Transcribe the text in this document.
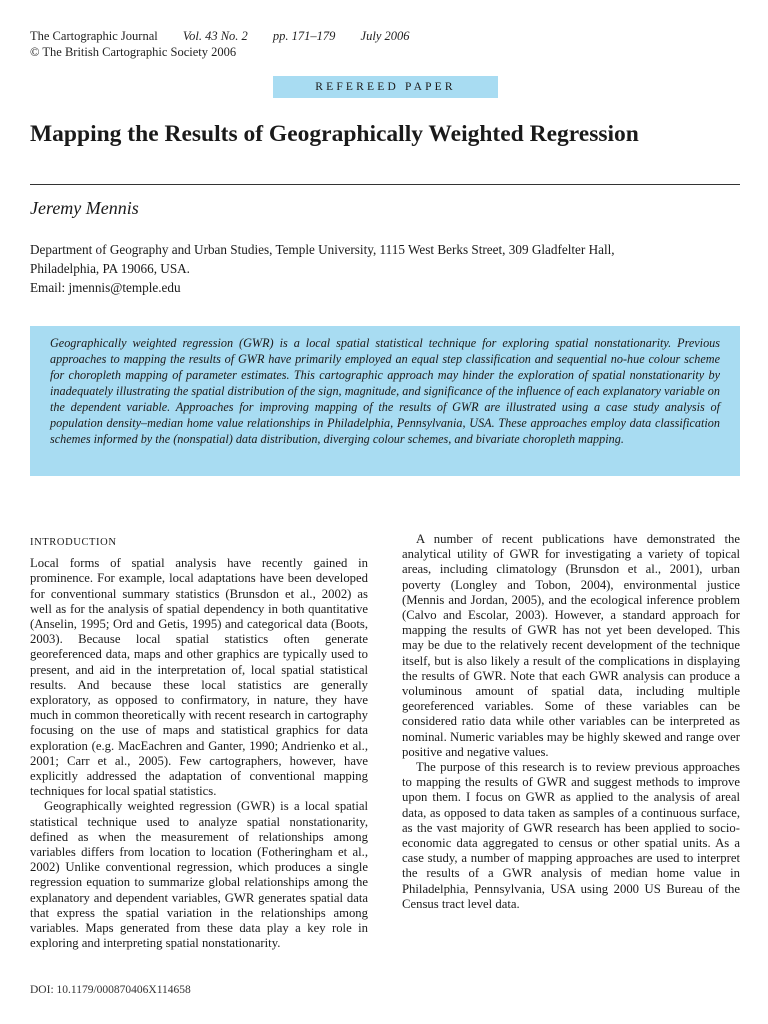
The Cartographic Journal Vol. 43 No. 2 pp. 171–179 July 2006
© The British Cartographic Society 2006
REFEREED PAPER
Mapping the Results of Geographically Weighted Regression
Jeremy Mennis
Department of Geography and Urban Studies, Temple University, 1115 West Berks Street, 309 Gladfelter Hall,
Philadelphia, PA 19066, USA.
Email: jmennis@temple.edu
Geographically weighted regression (GWR) is a local spatial statistical technique for exploring spatial nonstationarity. Previous approaches to mapping the results of GWR have primarily employed an equal step classification and sequential no-hue colour scheme for choropleth mapping of parameter estimates. This cartographic approach may hinder the exploration of spatial nonstationarity by inadequately illustrating the spatial distribution of the sign, magnitude, and significance of the influence of each explanatory variable on the dependent variable. Approaches for improving mapping of the results of GWR are illustrated using a case study analysis of population density–median home value relationships in Philadelphia, Pennsylvania, USA. These approaches employ data classification schemes informed by the (nonspatial) data distribution, diverging colour schemes, and bivariate choropleth mapping.
INTRODUCTION

Local forms of spatial analysis have recently gained in prominence. For example, local adaptations have been developed for conventional summary statistics (Brunsdon et al., 2002) as well as for the analysis of spatial dependency in both quantitative (Anselin, 1995; Ord and Getis, 1995) and categorical data (Boots, 2003). Because local spatial statistics often generate georeferenced data, maps and other graphics are typically used to present, and aid in the interpretation of, local spatial statistical results. And because these local statistics are generally exploratory, as opposed to confirmatory, in nature, they have much in common theoretically with recent research in cartography focusing on the use of maps and statistical graphics for data exploration (e.g. MacEachren and Ganter, 1990; Andrienko et al., 2001; Carr et al., 2005). Few cartographers, however, have explicitly addressed the adaptation of conventional mapping techniques for local spatial statistics.

Geographically weighted regression (GWR) is a local spatial statistical technique used to analyze spatial nonstationarity, defined as when the measurement of relationships among variables differs from location to location (Fotheringham et al., 2002) Unlike conventional regression, which produces a single regression equation to summarize global relationships among the explanatory and dependent variables, GWR generates spatial data that express the spatial variation in the relationships among variables. Maps generated from these data play a key role in exploring and interpreting spatial nonstationarity.

A number of recent publications have demonstrated the analytical utility of GWR for investigating a variety of topical areas, including climatology (Brunsdon et al., 2001), urban poverty (Longley and Tobon, 2004), environmental justice (Mennis and Jordan, 2005), and the ecological inference problem (Calvo and Escolar, 2003). However, a standard approach for mapping the results of GWR has not yet been developed. This may be due to the relatively recent development of the technique itself, but is also likely a result of the complications in displaying the results of GWR. Note that each GWR analysis can produce a voluminous amount of spatial data, including multiple georeferenced variables. Some of these variables can be considered ratio data while other variables can be interpreted as nominal. Numeric variables may be highly skewed and range over positive and negative values.

The purpose of this research is to review previous approaches to mapping the results of GWR and suggest methods to improve upon them. I focus on GWR as applied to the analysis of areal data, as opposed to data taken as samples of a continuous surface, as the vast majority of GWR research has been applied to socio-economic data aggregated to census or other spatial units. As a case study, a number of mapping approaches are used to interpret the results of a GWR analysis of median home value in Philadelphia, Pennsylvania, USA using 2000 US Bureau of the Census tract level data.

DOI: 10.1179/000870406X114658
